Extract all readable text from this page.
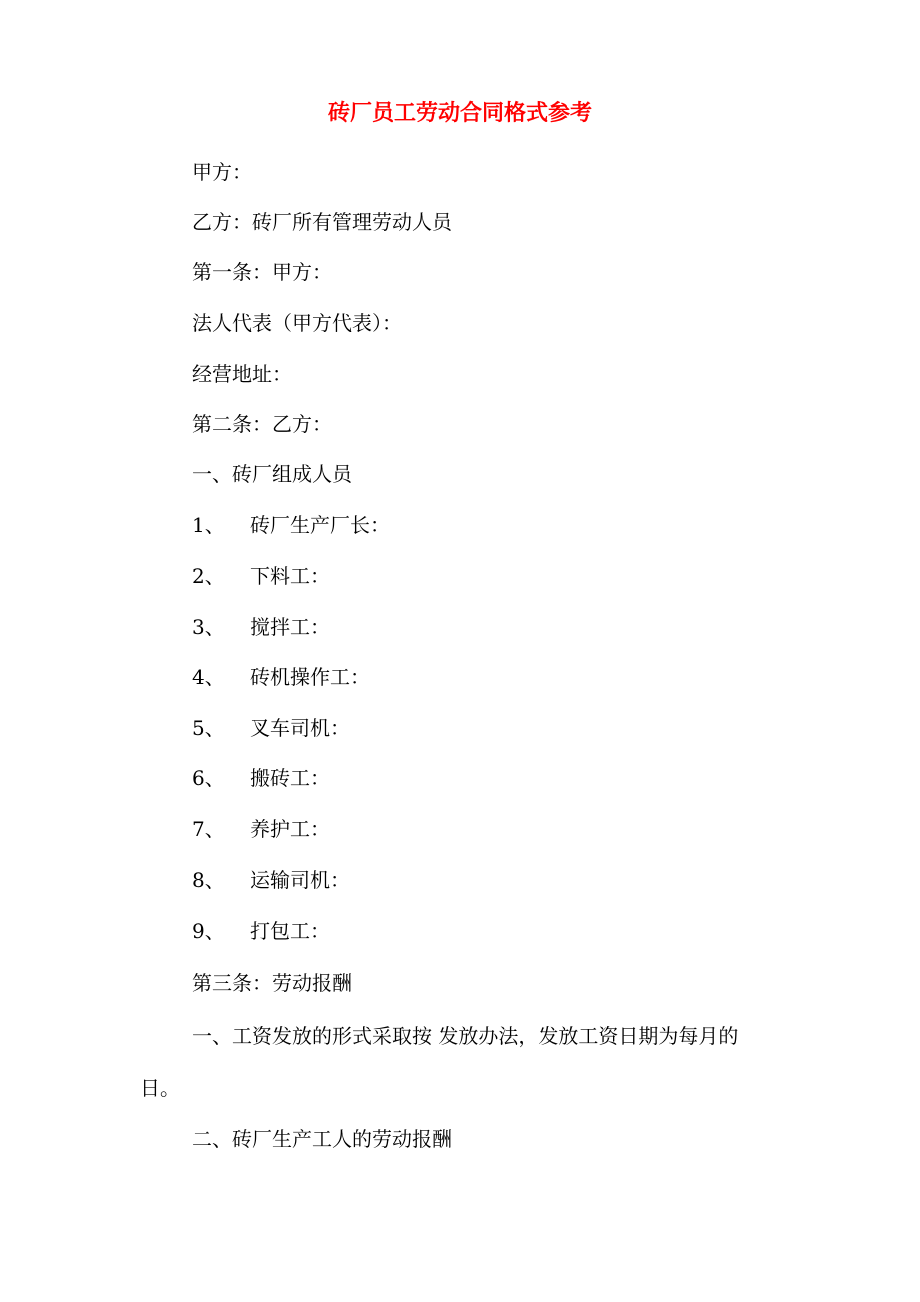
砖厂员工劳动合同格式参考

甲方：

乙方：砖厂所有管理劳动人员

第一条：甲方：

法人代表（甲方代表）：

经营地址：

第二条：乙方：

一、砖厂组成人员

1、 砖厂生产厂长：

2、 下料工：

3、 搅拌工：

4、 砖机操作工：

5、 叉车司机：

6、 搬砖工：

7、 养护工：

8、 运输司机：

9、 打包工：

第三条：劳动报酬

一、工资发放的形式采取按 发放办法，发放工资日期为每月的 日。

二、砖厂生产工人的劳动报酬
